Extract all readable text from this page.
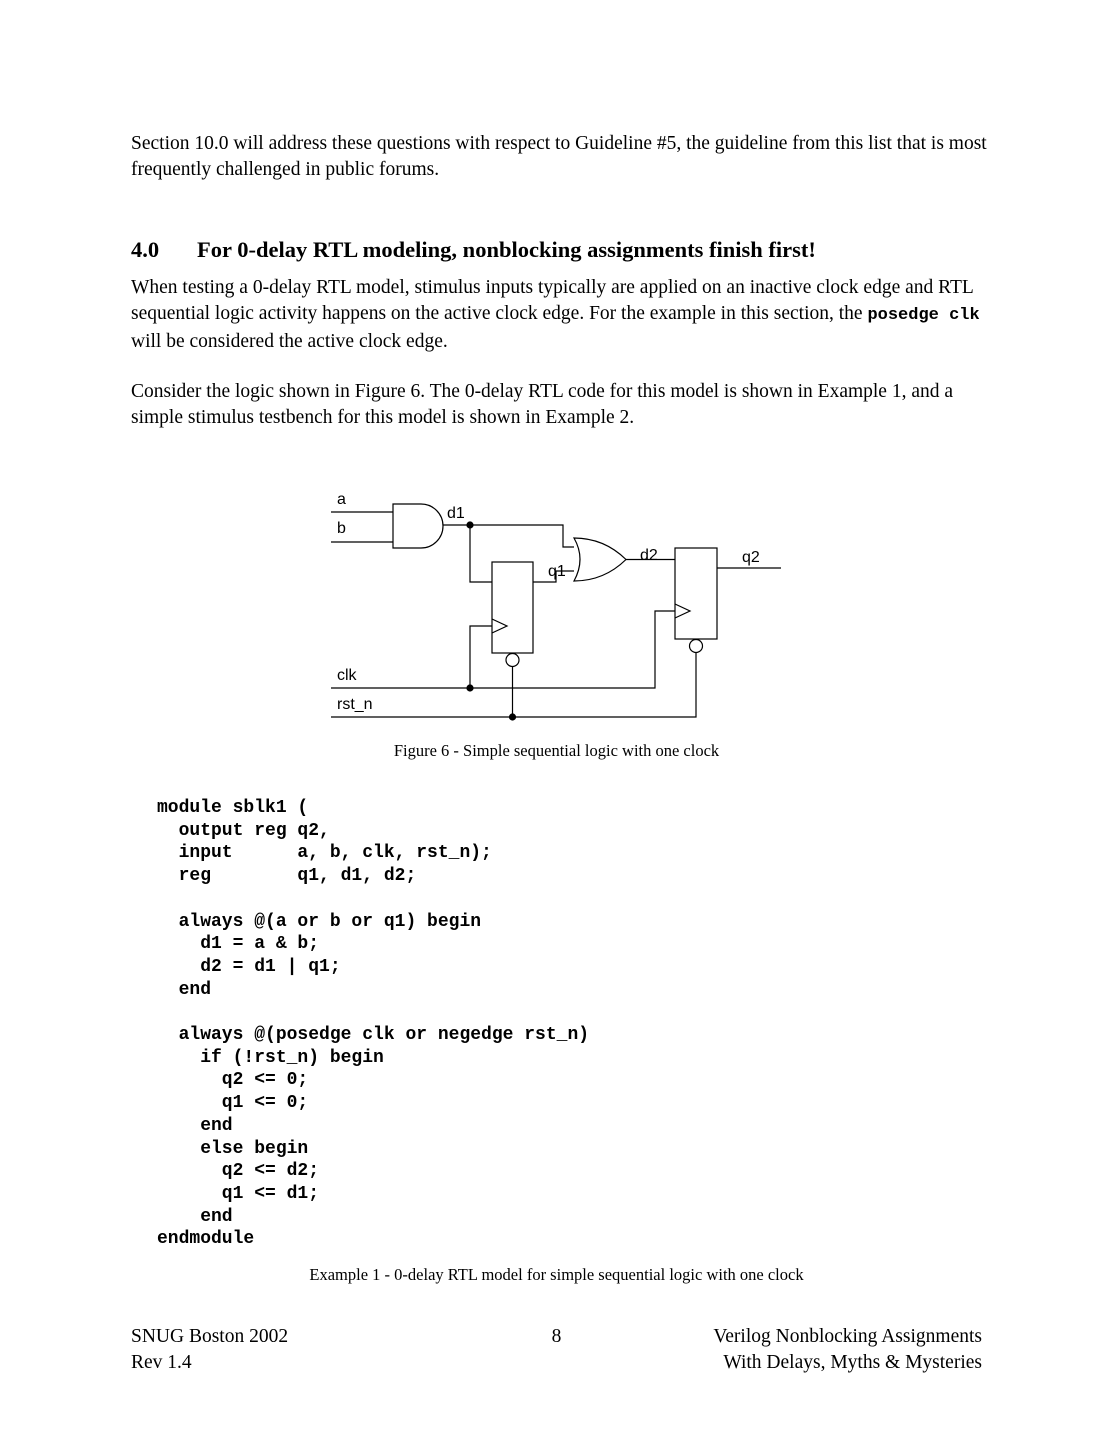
Section 10.0 will address these questions with respect to Guideline #5, the guideline from this list that is most frequently challenged in public forums.
4.0 For 0-delay RTL modeling, nonblocking assignments finish first!
When testing a 0-delay RTL model, stimulus inputs typically are applied on an inactive clock edge and RTL sequential logic activity happens on the active clock edge. For the example in this section, the posedge clk will be considered the active clock edge.
Consider the logic shown in Figure 6. The 0-delay RTL code for this model is shown in Example 1, and a simple stimulus testbench for this model is shown in Example 2.
a
b
d1
q1
d2	q2
clk
rst_n
Figure 6 - Simple sequential logic with one clock
module sblk1 (
output reg q2,
input      a, b, clk, rst_n);
reg        q1, d1, d2;

always @(a or b or q1) begin
d1 = a & b;
d2 = d1 | q1;
end

always @(posedge clk or negedge rst_n)
if (!rst_n) begin
q2 <= 0;
q1 <= 0;
end
else begin
q2 <= d2;
q1 <= d1;
end
endmodule
Example 1 - 0-delay RTL model for simple sequential logic with one clock
SNUG Boston 2002
Rev 1.4
8	Verilog Nonblocking Assignments
With Delays, Myths & Mysteries
